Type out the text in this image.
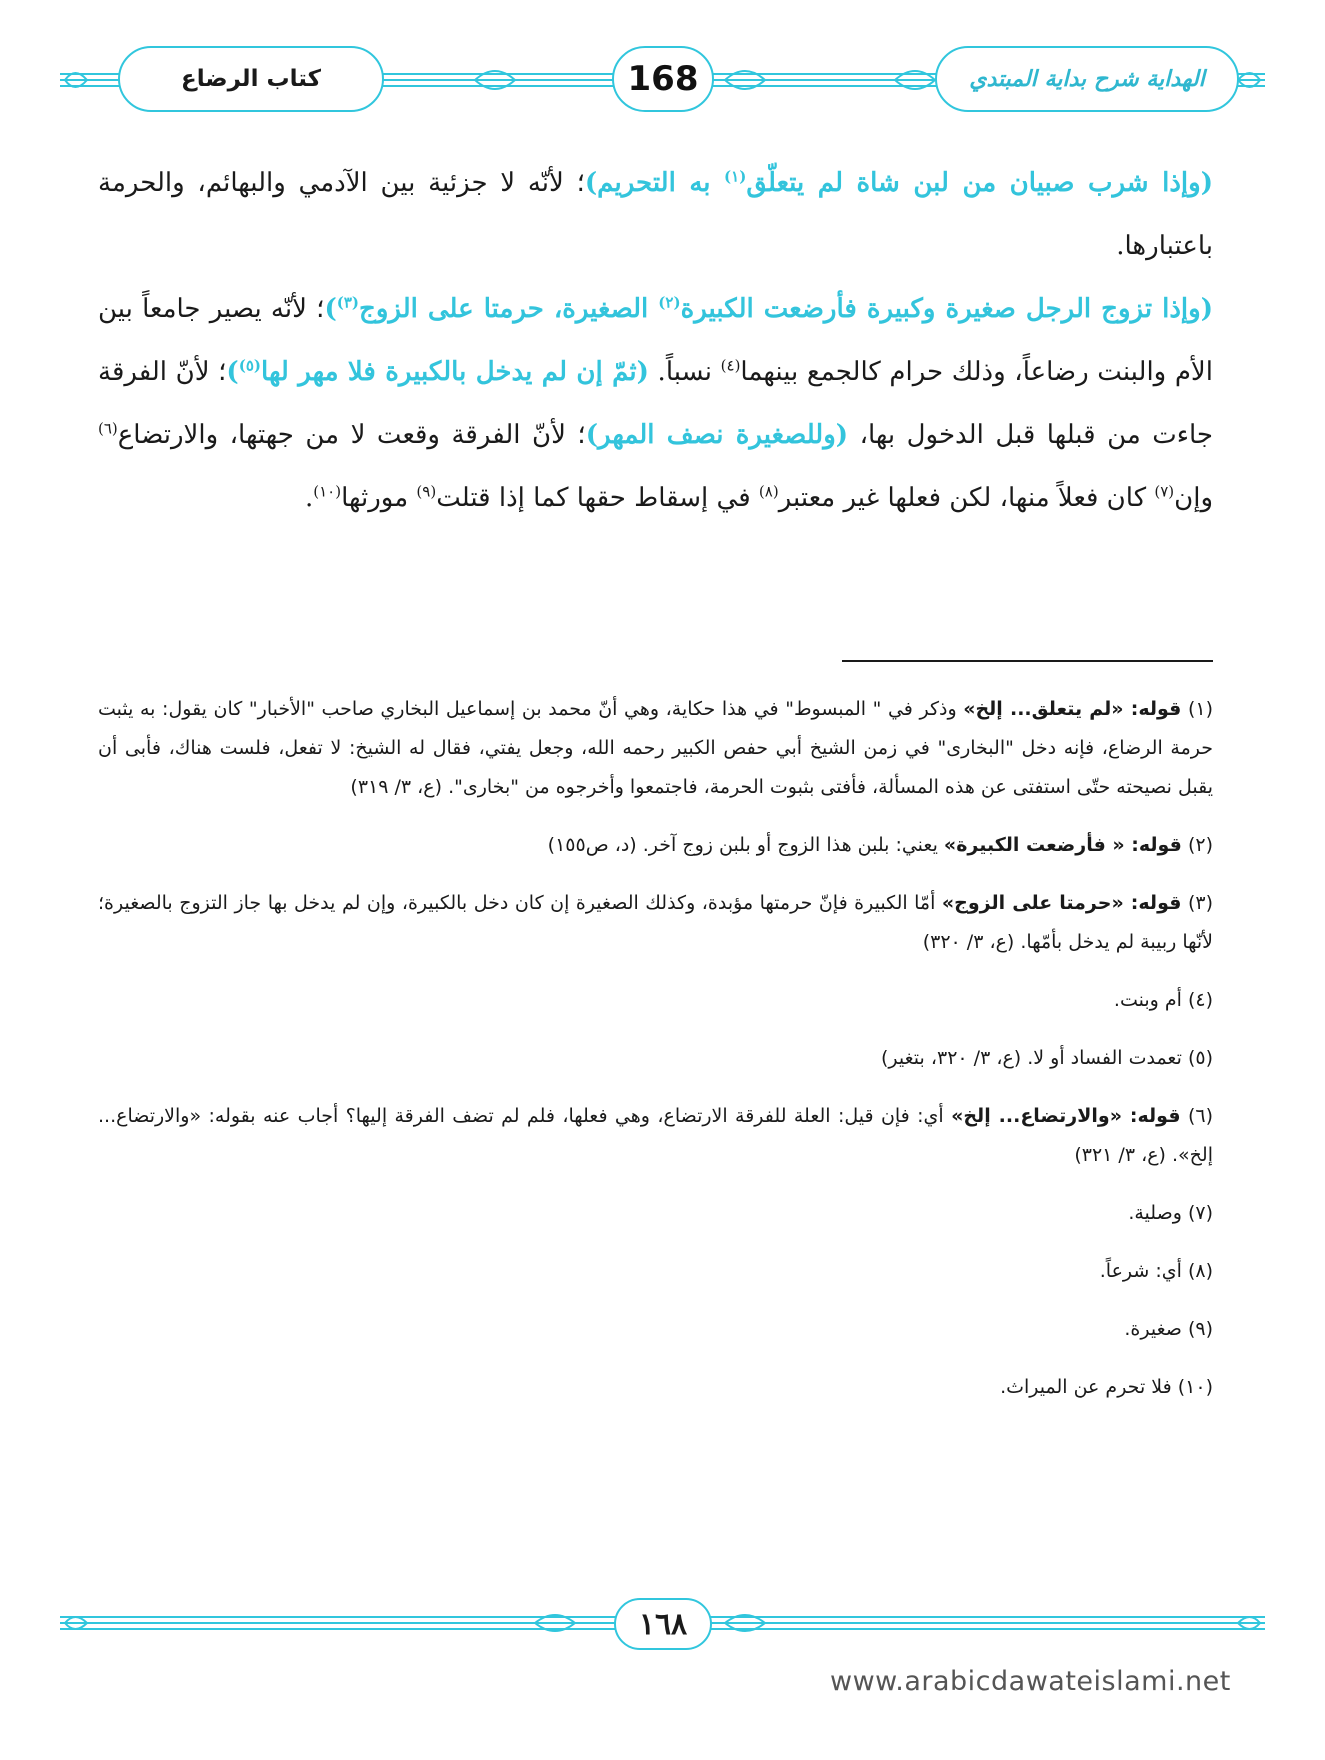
الهداية شرح بداية المبتدي
168
كتاب الرضاع

(وإذا شرب صبيان من لبن شاة لم يتعلّق$^{(١)}$ به التحريم)؛ لأنّه لا جزئية بين الآدمي والبهائم، والحرمة باعتبارها.

(وإذا تزوج الرجل صغيرة وكبيرة فأرضعت الكبيرة$^{(٢)}$ الصغيرة، حرمتا على الزوج$^{(٣)}$)؛ لأنّه يصير جامعاً بين الأم والبنت رضاعاً، وذلك حرام كالجمع بينهما$^{(٤)}$ نسباً. (ثمّ إن لم يدخل بالكبيرة فلا مهر لها$^{(٥)}$)؛ لأنّ الفرقة جاءت من قبلها قبل الدخول بها، (وللصغيرة نصف المهر)؛ لأنّ الفرقة وقعت لا من جهتها، والارتضاع$^{(٦)}$ وإن$^{(٧)}$ كان فعلاً منها، لكن فعلها غير معتبر$^{(٨)}$ في إسقاط حقها كما إذا قتلت$^{(٩)}$ مورثها$^{(١٠)}$.

(١) قوله: «لم يتعلق... إلخ» وذكر في " المبسوط" في هذا حكاية، وهي أنّ محمد بن إسماعيل البخاري صاحب "الأخبار" كان يقول: به يثبت حرمة الرضاع، فإنه دخل "البخارى" في زمن الشيخ أبي حفص الكبير رحمه الله، وجعل يفتي، فقال له الشيخ: لا تفعل، فلست هناك، فأبى أن يقبل نصيحته حتّى استفتى عن هذه المسألة، فأفتى بثبوت الحرمة، فاجتمعوا وأخرجوه من "بخارى". (ع، ٣/ ٣١٩)

(٢) قوله: « فأرضعت الكبيرة» يعني: بلبن هذا الزوج أو بلبن زوج آخر. (د، ص١٥٥)

(٣) قوله: «حرمتا على الزوج» أمّا الكبيرة فإنّ حرمتها مؤبدة، وكذلك الصغيرة إن كان دخل بالكبيرة، وإن لم يدخل بها جاز التزوج بالصغيرة؛ لأنّها ربيبة لم يدخل بأمّها. (ع، ٣/ ٣٢٠)

(٤) أم وبنت.

(٥) تعمدت الفساد أو لا. (ع، ٣/ ٣٢٠، بتغير)

(٦) قوله: «والارتضاع... إلخ» أي: فإن قيل: العلة للفرقة الارتضاع، وهي فعلها، فلم لم تضف الفرقة إليها؟ أجاب عنه بقوله: «والارتضاع... إلخ». (ع، ٣/ ٣٢١)

(٧) وصلية.

(٨) أي: شرعاً.

(٩) صغيرة.

(١٠) فلا تحرم عن الميراث.

١٦٨
www.arabicdawateislami.net
